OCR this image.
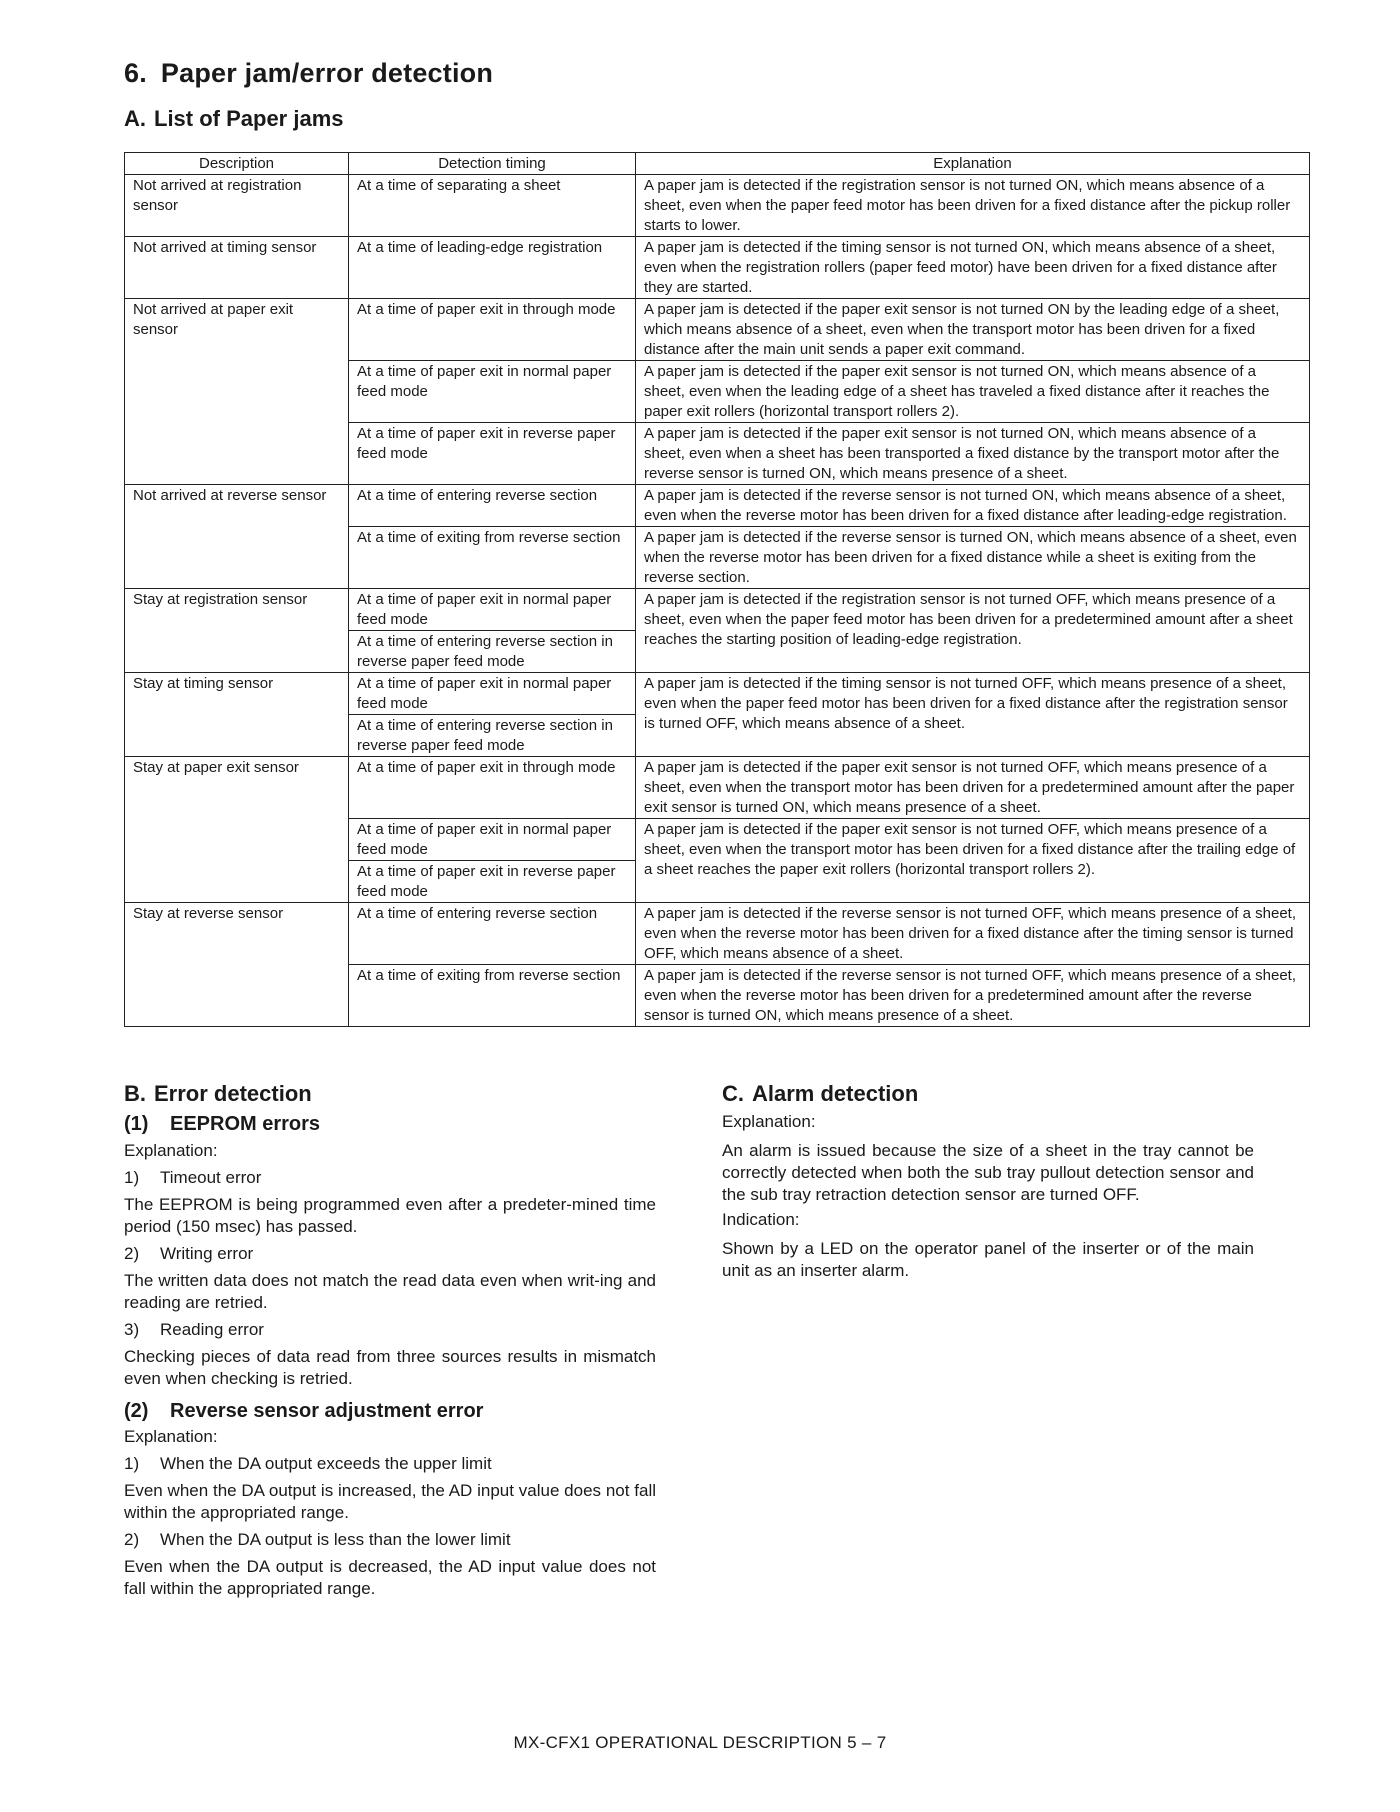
6. Paper jam/error detection
A. List of Paper jams
Description	Detection timing	Explanation
Not arrived at registration sensor	At a time of separating a sheet	A paper jam is detected if the registration sensor is not turned ON, which means absence of a sheet, even when the paper feed motor has been driven for a fixed distance after the pickup roller starts to lower.
Not arrived at timing sensor	At a time of leading-edge registration	A paper jam is detected if the timing sensor is not turned ON, which means absence of a sheet, even when the registration rollers (paper feed motor) have been driven for a fixed distance after they are started.
Not arrived at paper exit sensor	At a time of paper exit in through mode	A paper jam is detected if the paper exit sensor is not turned ON by the leading edge of a sheet, which means absence of a sheet, even when the transport motor has been driven for a fixed distance after the main unit sends a paper exit command.
	At a time of paper exit in normal paper feed mode	A paper jam is detected if the paper exit sensor is not turned ON, which means absence of a sheet, even when the leading edge of a sheet has traveled a fixed distance after it reaches the paper exit rollers (horizontal transport rollers 2).
	At a time of paper exit in reverse paper feed mode	A paper jam is detected if the paper exit sensor is not turned ON, which means absence of a sheet, even when a sheet has been transported a fixed distance by the transport motor after the reverse sensor is turned ON, which means presence of a sheet.
Not arrived at reverse sensor	At a time of entering reverse section	A paper jam is detected if the reverse sensor is not turned ON, which means absence of a sheet, even when the reverse motor has been driven for a fixed distance after leading-edge registration.
	At a time of exiting from reverse section	A paper jam is detected if the reverse sensor is turned ON, which means absence of a sheet, even when the reverse motor has been driven for a fixed distance while a sheet is exiting from the reverse section.
Stay at registration sensor	At a time of paper exit in normal paper feed mode	A paper jam is detected if the registration sensor is not turned OFF, which means presence of a sheet, even when the paper feed motor has been driven for a predetermined amount after a sheet reaches the starting position of leading-edge registration.
	At a time of entering reverse section in reverse paper feed mode	
Stay at timing sensor	At a time of paper exit in normal paper feed mode	A paper jam is detected if the timing sensor is not turned OFF, which means presence of a sheet, even when the paper feed motor has been driven for a fixed distance after the registration sensor is turned OFF, which means absence of a sheet.
	At a time of entering reverse section in reverse paper feed mode	
Stay at paper exit sensor	At a time of paper exit in through mode	A paper jam is detected if the paper exit sensor is not turned OFF, which means presence of a sheet, even when the transport motor has been driven for a predetermined amount after the paper exit sensor is turned ON, which means presence of a sheet.
	At a time of paper exit in normal paper feed mode	A paper jam is detected if the paper exit sensor is not turned OFF, which means presence of a sheet, even when the transport motor has been driven for a fixed distance after the trailing edge of a sheet reaches the paper exit rollers (horizontal transport rollers 2).
	At a time of paper exit in reverse paper feed mode	
Stay at reverse sensor	At a time of entering reverse section	A paper jam is detected if the reverse sensor is not turned OFF, which means presence of a sheet, even when the reverse motor has been driven for a fixed distance after the timing sensor is turned OFF, which means absence of a sheet.
	At a time of exiting from reverse section	A paper jam is detected if the reverse sensor is not turned OFF, which means presence of a sheet, even when the reverse motor has been driven for a predetermined amount after the reverse sensor is turned ON, which means presence of a sheet.
B. Error detection

(1) EEPROM errors

Explanation:

1)	Timeout error

The EEPROM is being programmed even after a predeter-mined time period (150 msec) has passed.

2)	Writing error

The written data does not match the read data even when writ-ing and reading are retried.

3)	Reading error

Checking pieces of data read from three sources results in mismatch even when checking is retried.

(2) Reverse sensor adjustment error

Explanation:

1)	When the DA output exceeds the upper limit

Even when the DA output is increased, the AD input value does not fall within the appropriated range.

2)	When the DA output is less than the lower limit

Even when the DA output is decreased, the AD input value does not fall within the appropriated range.

C. Alarm detection

Explanation:

An alarm is issued because the size of a sheet in the tray cannot be correctly detected when both the sub tray pullout detection sensor and the sub tray retraction detection sensor are turned OFF.

Indication:

Shown by a LED on the operator panel of the inserter or of the main unit as an inserter alarm.

MX-CFX1 OPERATIONAL DESCRIPTION 5 – 7
